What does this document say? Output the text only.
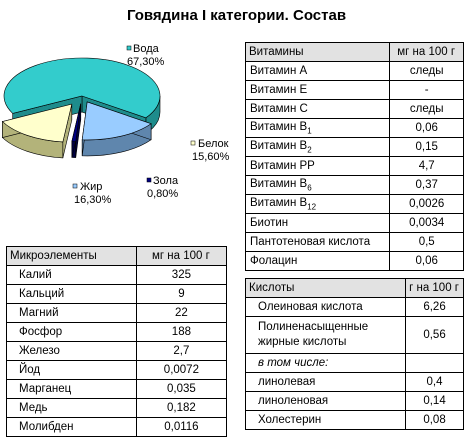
Говядина I категории. Состав
Вода
67,30%
Белок
15,60%
Зола
0,80%
Жир
16,30%
Витамины	мг на 100 г
Витамин А	следы
Витамин Е	-
Витамин С	следы
Витамин $В_1$	0,06
Витамин $В_2$	0,15
Витамин РР	4,7
Витамин $В_6$	0,37
Витамин $В_{12}$	0,0026
Биотин	0,0034
Пантотеновая кислота	0,5
Фолацин	0,06
Микроэлементы	мг на 100 г
Калий	325
Кальций	9
Магний	22
Фосфор	188
Железо	2,7
Йод	0,0072
Марганец	0,035
Медь	0,182
Молибден	0,0116
Кислоты	г на 100 г
Олеиновая кислота	6,26
Полиненасыщенные жирные кислоты	0,56
в том числе:	
линолевая	0,4
линоленовая	0,14
Холестерин	0,08
